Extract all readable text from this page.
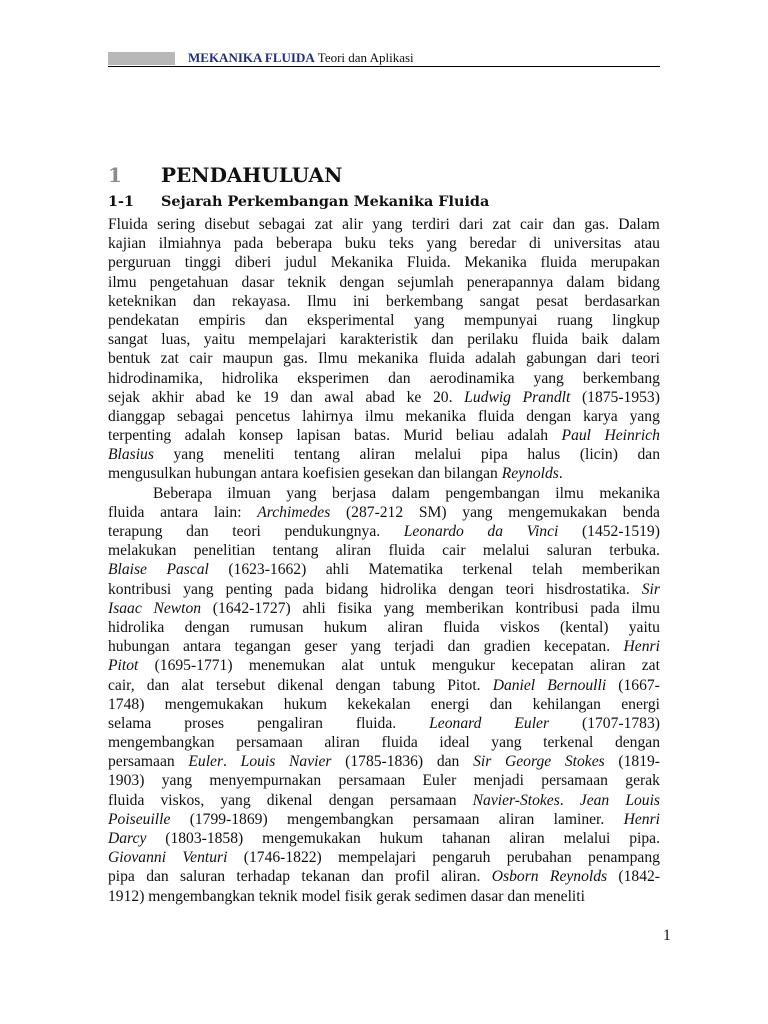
MEKANIKA FLUIDA Teori dan Aplikasi
1 PENDAHULUAN
1-1 Sejarah Perkembangan Mekanika Fluida
Fluida sering disebut sebagai zat alir yang terdiri dari zat cair dan gas. Dalam
kajian ilmiahnya pada beberapa buku teks yang beredar di universitas atau
perguruan tinggi diberi judul Mekanika Fluida. Mekanika fluida merupakan
ilmu pengetahuan dasar teknik dengan sejumlah penerapannya dalam bidang
keteknikan dan rekayasa. Ilmu ini berkembang sangat pesat berdasarkan
pendekatan empiris dan eksperimental yang mempunyai ruang lingkup
sangat luas, yaitu mempelajari karakteristik dan perilaku fluida baik dalam
bentuk zat cair maupun gas. Ilmu mekanika fluida adalah gabungan dari teori
hidrodinamika, hidrolika eksperimen dan aerodinamika yang berkembang
sejak akhir abad ke 19 dan awal abad ke 20. Ludwig Prandlt (1875-1953)
dianggap sebagai pencetus lahirnya ilmu mekanika fluida dengan karya yang
terpenting adalah konsep lapisan batas. Murid beliau adalah Paul Heinrich
Blasius yang meneliti tentang aliran melalui pipa halus (licin) dan
mengusulkan hubungan antara koefisien gesekan dan bilangan Reynolds.
Beberapa ilmuan yang berjasa dalam pengembangan ilmu mekanika
fluida antara lain: Archimedes (287-212 SM) yang mengemukakan benda
terapung dan teori pendukungnya. Leonardo da Vinci (1452-1519)
melakukan penelitian tentang aliran fluida cair melalui saluran terbuka.
Blaise Pascal (1623-1662) ahli Matematika terkenal telah memberikan
kontribusi yang penting pada bidang hidrolika dengan teori hisdrostatika. Sir
Isaac Newton (1642-1727) ahli fisika yang memberikan kontribusi pada ilmu
hidrolika dengan rumusan hukum aliran fluida viskos (kental) yaitu
hubungan antara tegangan geser yang terjadi dan gradien kecepatan. Henri
Pitot (1695-1771) menemukan alat untuk mengukur kecepatan aliran zat
cair, dan alat tersebut dikenal dengan tabung Pitot. Daniel Bernoulli (1667-
1748) mengemukakan hukum kekekalan energi dan kehilangan energi
selama proses pengaliran fluida. Leonard Euler (1707-1783)
mengembangkan persamaan aliran fluida ideal yang terkenal dengan
persamaan Euler. Louis Navier (1785-1836) dan Sir George Stokes (1819-
1903) yang menyempurnakan persamaan Euler menjadi persamaan gerak
fluida viskos, yang dikenal dengan persamaan Navier-Stokes. Jean Louis
Poiseuille (1799-1869) mengembangkan persamaan aliran laminer. Henri
Darcy (1803-1858) mengemukakan hukum tahanan aliran melalui pipa.
Giovanni Venturi (1746-1822) mempelajari pengaruh perubahan penampang
pipa dan saluran terhadap tekanan dan profil aliran. Osborn Reynolds (1842-
1912) mengembangkan teknik model fisik gerak sedimen dasar dan meneliti
1
